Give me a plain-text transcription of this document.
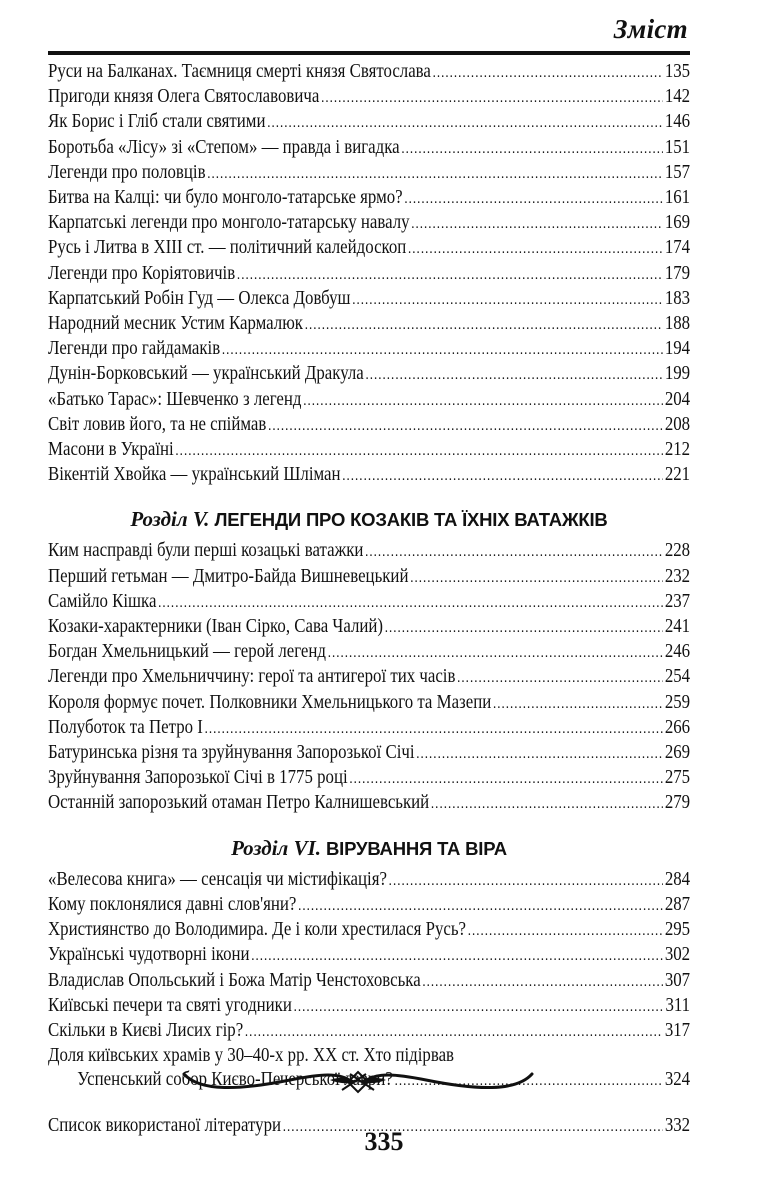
Зміст
Руси на Балканах. Таємниця смерті князя Святослава .....	135
Пригоди князя Олега Святославовича .....	142
Як Борис і Гліб стали святими .....	146
Боротьба «Лісу» зі «Степом» — правда і вигадка .....	151
Легенди про половців .....	157
Битва на Калці: чи було монголо-татарське ярмо? .....	161
Карпатські легенди про монголо-татарську навалу .....	169
Русь і Литва в XIII ст. — політичний калейдоскоп .....	174
Легенди про Коріятовичів .....	179
Карпатський Робін Гуд — Олекса Довбуш .....	183
Народний месник Устим Кармалюк .....	188
Легенди про гайдамаків .....	194
Дунін-Борковський — український Дракула .....	199
«Батько Тарас»: Шевченко з легенд .....	204
Світ ловив його, та не спіймав .....	208
Масони в Україні .....	212
Вікентій Хвойка — український Шліман .....	221
Розділ V. ЛЕГЕНДИ ПРО КОЗАКІВ ТА ЇХНІХ ВАТАЖКІВ
Ким насправді були перші козацькі ватажки .....	228
Перший гетьман — Дмитро-Байда Вишневецький .....	232
Самійло Кішка .....	237
Козаки-характерники (Іван Сірко, Сава Чалий) .....	241
Богдан Хмельницький — герой легенд .....	246
Легенди про Хмельниччину: герої та антигерої тих часів .....	254
Короля формує почет. Полковники Хмельницького та Мазепи .....	259
Полуботок та Петро I .....	266
Батуринська різня та зруйнування Запорозької Січі .....	269
Зруйнування Запорозької Січі в 1775 році .....	275
Останній запорозький отаман Петро Калнишевський .....	279
Розділ VI. ВІРУВАННЯ ТА ВІРА
«Велесова книга» — сенсація чи містифікація? .....	284
Кому поклонялися давні слов'яни? .....	287
Християнство до Володимира. Де і коли хрестилася Русь? .....	295
Українські чудотворні ікони .....	302
Владислав Опольський і Божа Матір Ченстоховська .....	307
Київські печери та святі угодники .....	311
Скільки в Києві Лисих гір? .....	317
Доля київських храмів у 30–40-х рр. XX ст. Хто підірвав
Успенський собор Києво-Печерської лаври? .....	324
Список використаної літератури .....	332
335
